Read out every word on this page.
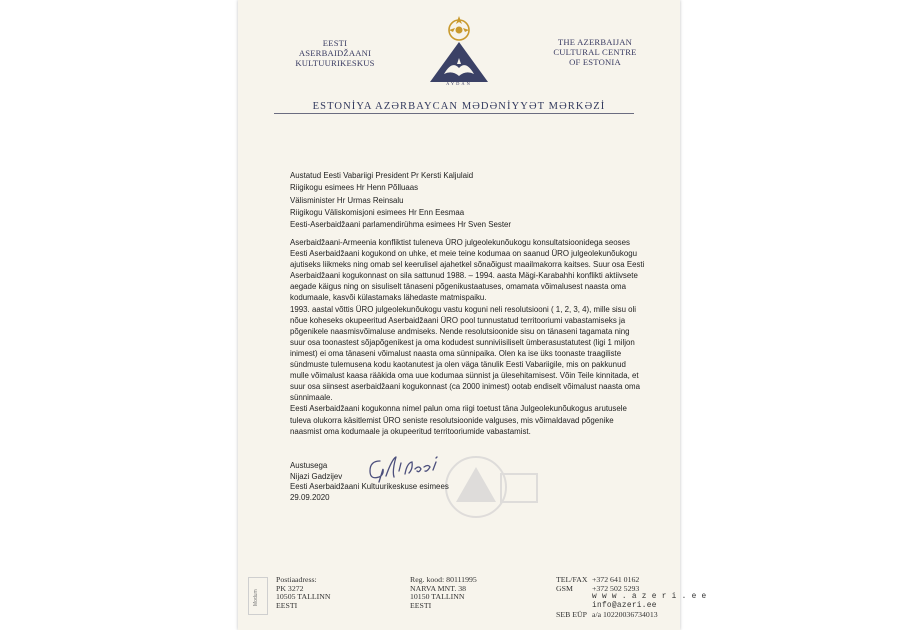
EESTI
ASERBAIDŽAANI
KULTUURIKESKUS
AYDAN
THE AZERBAIJAN
CULTURAL CENTRE
OF ESTONIA
ESTONİYA AZƏRBAYCAN MƏDƏNİYYƏT MƏRKƏZİ
Austatud Eesti Vabariigi President Pr Kersti Kaljulaid
Riigikogu esimees Hr Henn Põlluaas
Välisminister Hr Urmas Reinsalu
Riigikogu Väliskomisjoni esimees Hr Enn Eesmaa
Eesti-Aserbaidžaani parlamendirühma esimees Hr Sven Sester
Aserbaidžaani-Armeenia konfliktist tuleneva ÜRO julgeolekunõukogu konsultatsioonidega seoses
Eesti Aserbaidžaani kogukond on uhke, et meie teine kodumaa on saanud ÜRO julgeolekunõukogu
ajutiseks liikmeks ning omab sel keerulisel ajahetkel sõnaõigust maailmakorra kaitses. Suur osa Eesti
Aserbaidžaani kogukonnast on sila sattunud 1988. – 1994. aasta Mägi-Karabahhi konflikti aktiivsete
aegade käigus ning on sisuliselt tänaseni põgenikustaatuses, omamata võimalusest naasta oma
kodumaale, kasvõi külastamaks lähedaste matmispaiku.
1993. aastal võttis ÜRO julgeolekunõukogu vastu koguni neli resolutsiooni ( 1, 2, 3, 4), mille sisu oli
nõue koheseks okupeeritud Aserbaidžaani ÜRO pool tunnustatud territooriumi vabastamiseks ja
põgenikele naasmisvõimaluse andmiseks. Nende resolutsioonide sisu on tänaseni tagamata ning
suur osa toonastest sõjapõgenikest ja oma kodudest sunniviisiliselt ümberasustatutest (ligi 1 miljon
inimest) ei oma tänaseni võimalust naasta oma sünnipaika. Olen ka ise üks toonaste traagiliste
sündmuste tulemusena kodu kaotanutest ja olen väga tänulik Eesti Vabariigile, mis on pakkunud
mulle võimalust kaasa rääkida oma uue kodumaa sünnist ja ülesehitamisest. Võin Teile kinnitada, et
suur osa siinsest aserbaidžaani kogukonnast (ca 2000 inimest) ootab endiselt võimalust naasta oma
sünnimaale.
Eesti Aserbaidžaani kogukonna nimel palun oma riigi toetust täna Julgeolekunõukogus arutusele
tuleva olukorra käsitlemist ÜRO seniste resolutsioonide valguses, mis võimaldavad põgenike
naasmist oma kodumaale ja okupeeritud territooriumide vabastamist.
Austusega
Nijazi Gadzijev
Eesti Aserbaidžaani Kultuurikeskuse esimees
29.09.2020
Modum
Postiaadress:
PK 3272
10505 TALLINN
EESTI
Reg. kood: 80111995
NARVA MNT. 38
10150 TALLINN
EESTI
TEL/FAX
GSM

SEB EÜP
+372 641 0162
+372 502 5293
w w w . a z e r i . e e
info@azeri.ee
a/a 10220036734013
